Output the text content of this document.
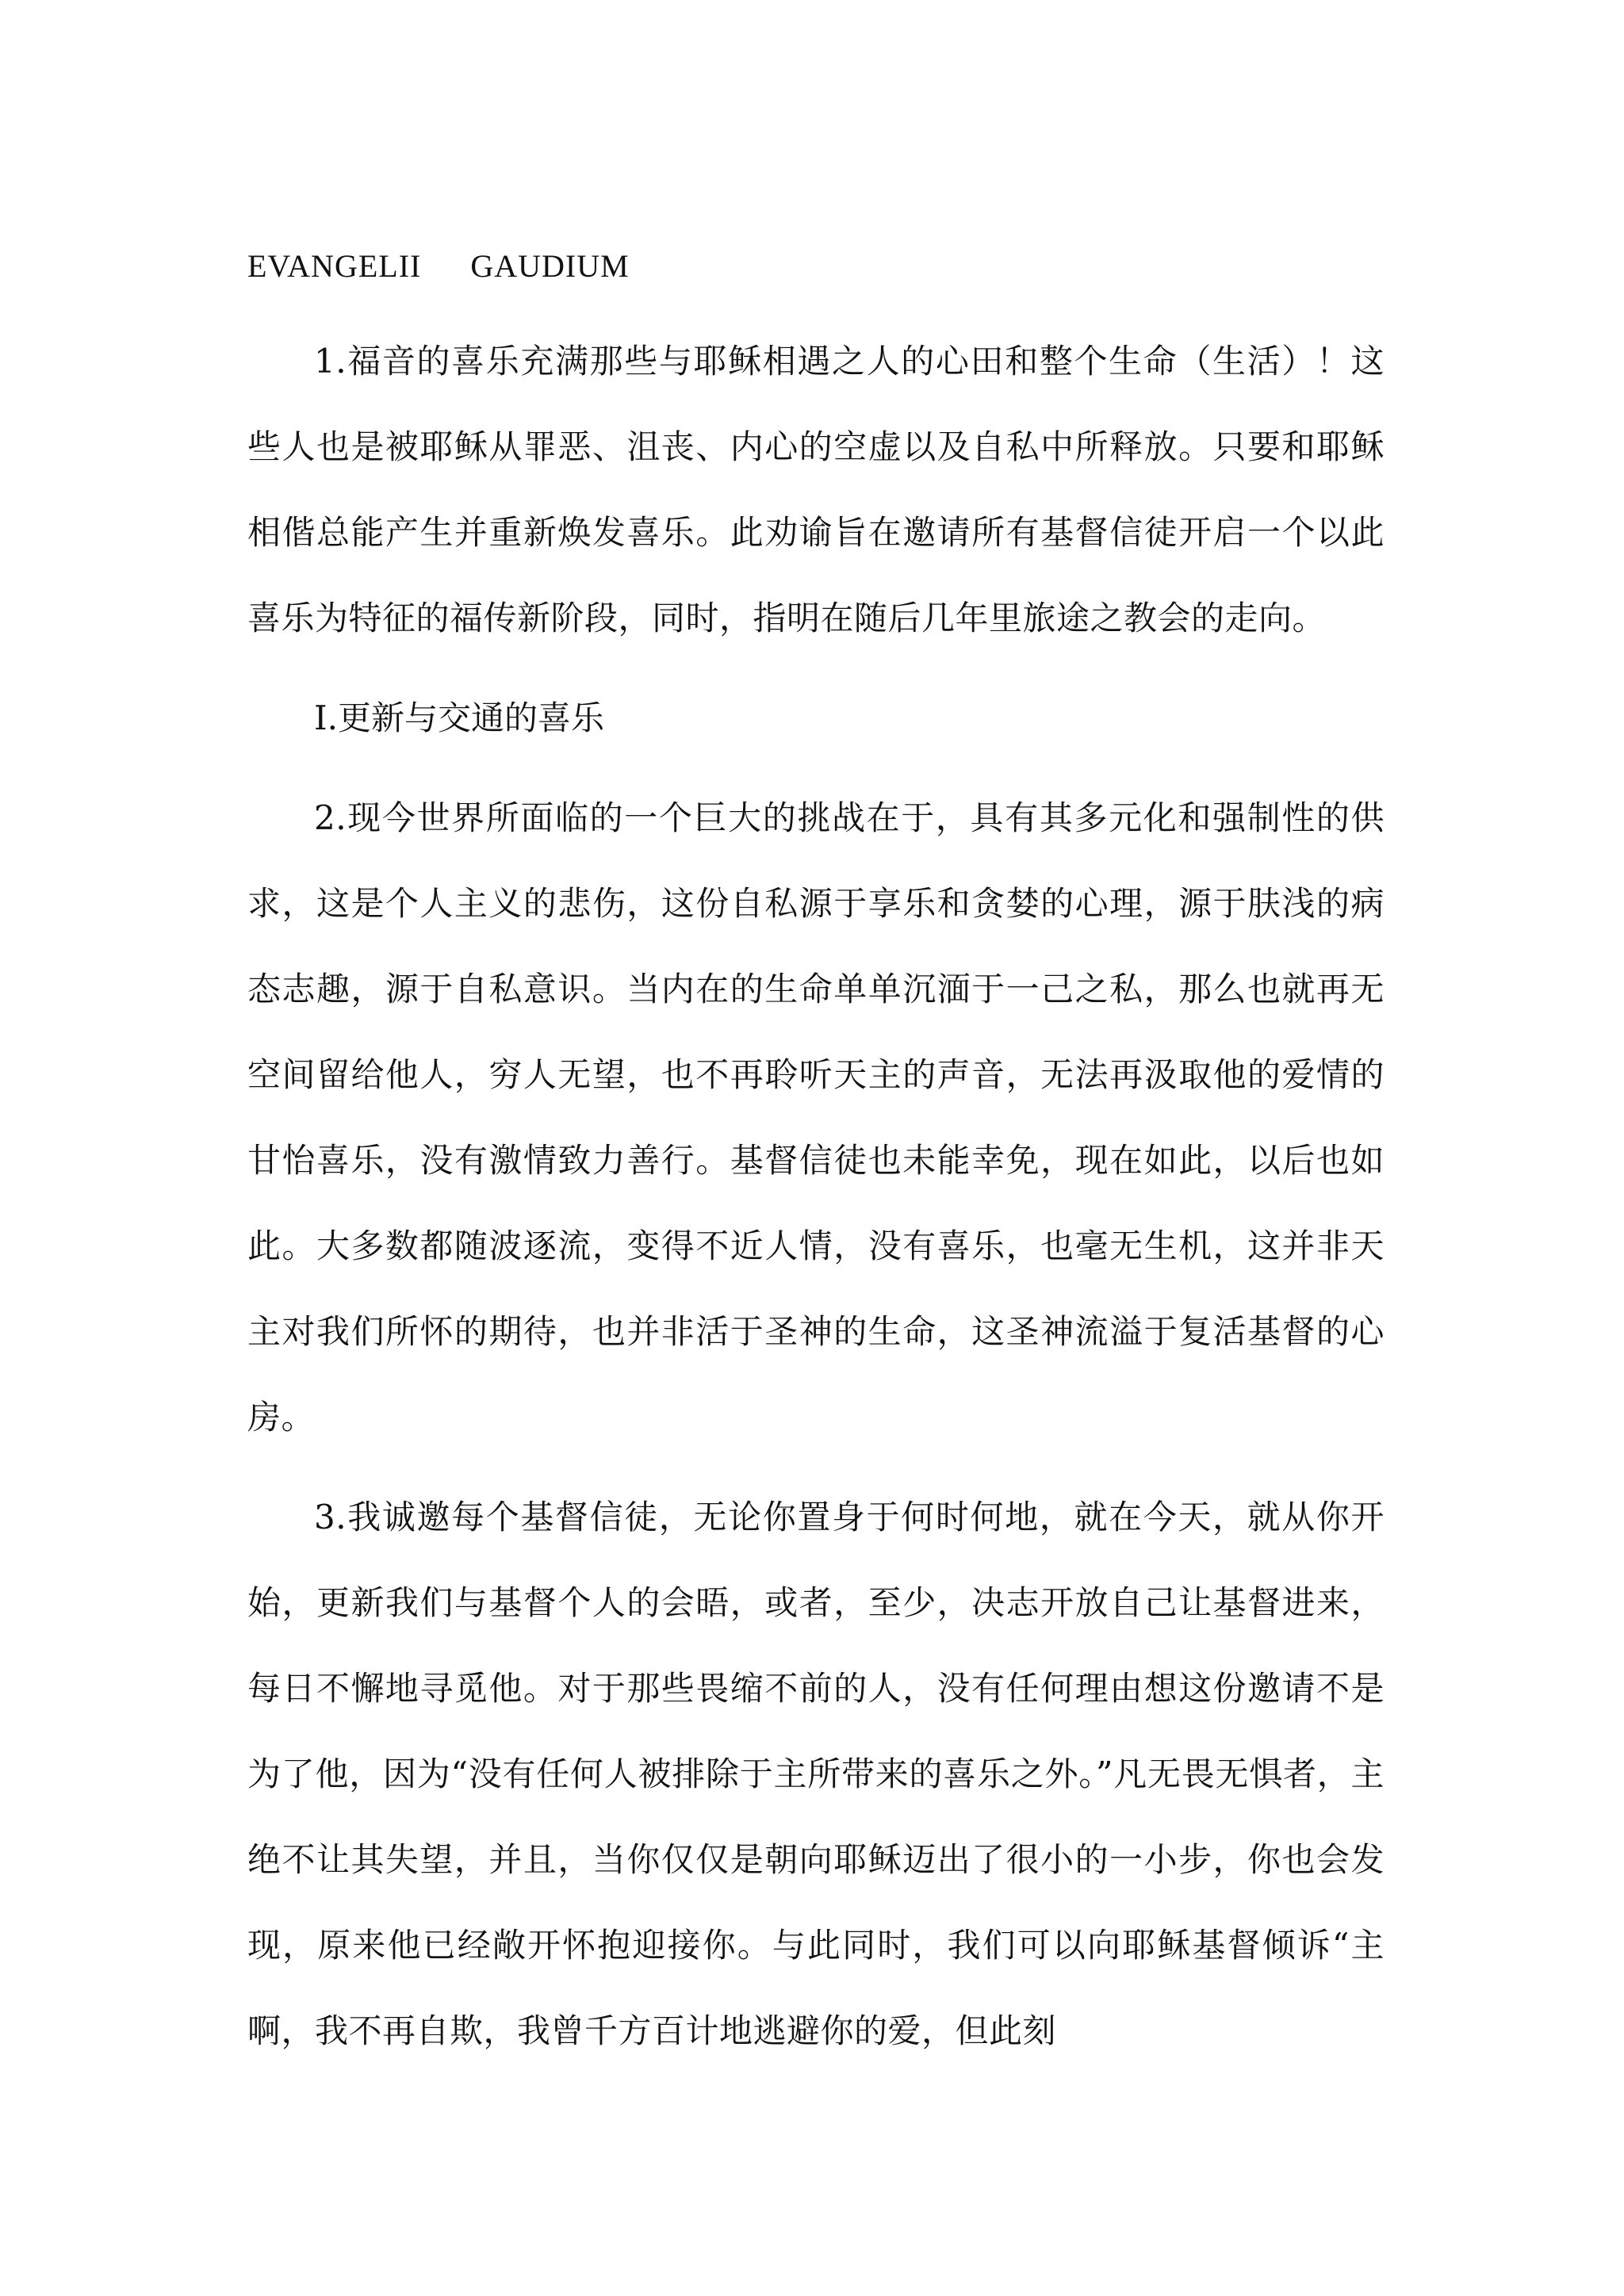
EVANGELII  GAUDIUM

1.福音的喜乐充满那些与耶稣相遇之人的心田和整个生命（生活）！这些人也是被耶稣从罪恶、沮丧、内心的空虚以及自私中所释放。只要和耶稣相偕总能产生并重新焕发喜乐。此劝谕旨在邀请所有基督信徒开启一个以此喜乐为特征的福传新阶段，同时，指明在随后几年里旅途之教会的走向。

I.更新与交通的喜乐

2.现今世界所面临的一个巨大的挑战在于，具有其多元化和强制性的供求，这是个人主义的悲伤，这份自私源于享乐和贪婪的心理，源于肤浅的病态志趣，源于自私意识。当内在的生命单单沉湎于一己之私，那么也就再无空间留给他人，穷人无望，也不再聆听天主的声音，无法再汲取他的爱情的甘怡喜乐，没有激情致力善行。基督信徒也未能幸免，现在如此，以后也如此。大多数都随波逐流，变得不近人情，没有喜乐，也毫无生机，这并非天主对我们所怀的期待，也并非活于圣神的生命，这圣神流溢于复活基督的心房。

3.我诚邀每个基督信徒，无论你置身于何时何地，就在今天，就从你开始，更新我们与基督个人的会晤，或者，至少，决志开放自己让基督进来，每日不懈地寻觅他。对于那些畏缩不前的人，没有任何理由想这份邀请不是为了他，因为“没有任何人被排除于主所带来的喜乐之外。”凡无畏无惧者，主绝不让其失望，并且，当你仅仅是朝向耶稣迈出了很小的一小步，你也会发现，原来他已经敞开怀抱迎接你。与此同时，我们可以向耶稣基督倾诉“主啊，我不再自欺，我曾千方百计地逃避你的爱，但此刻
